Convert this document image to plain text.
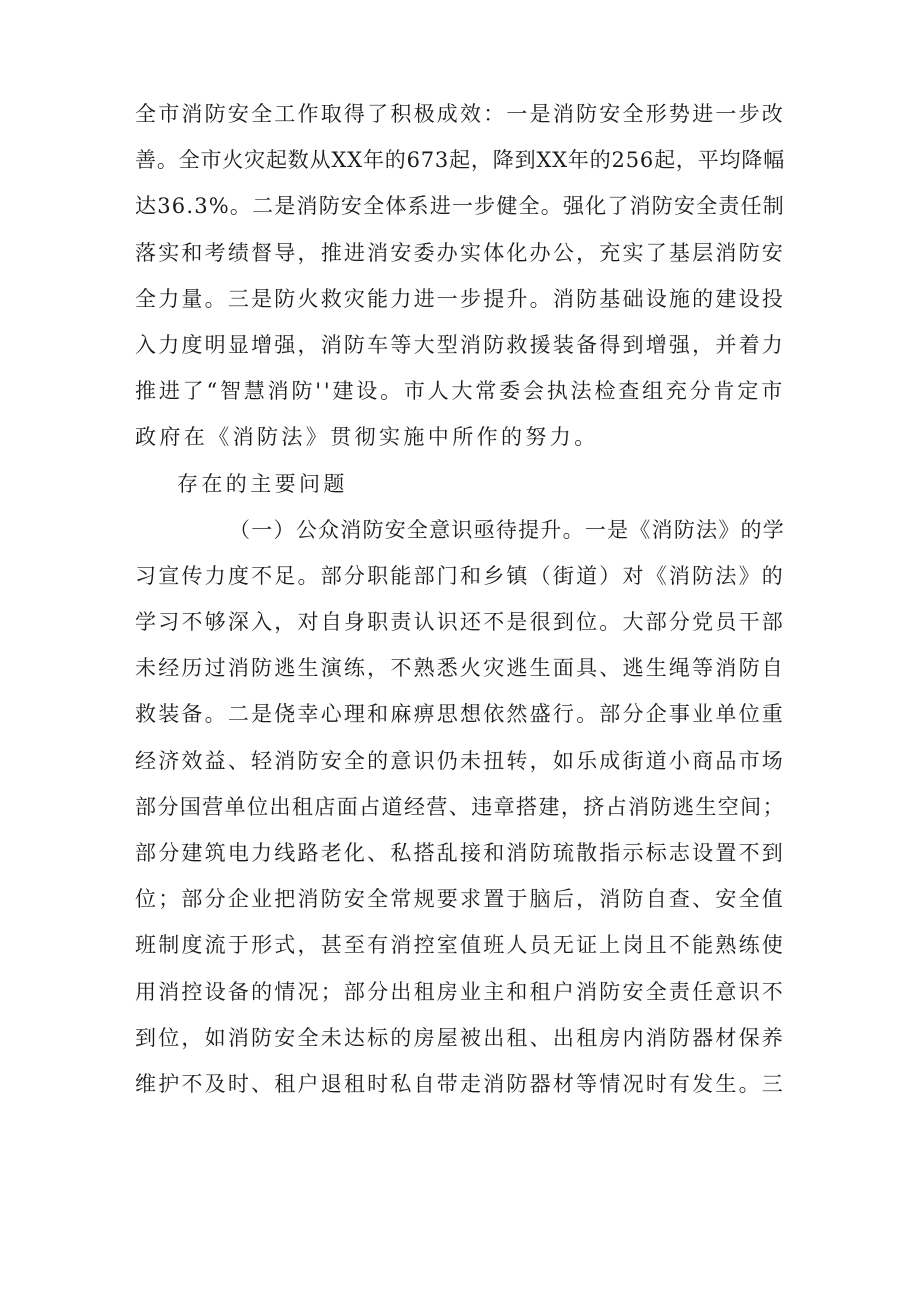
全市消防安全工作取得了积极成效：一是消防安全形势进一步改
善。全市火灾起数从XX年的673起，降到XX年的256起，平均降幅
达36.3%。二是消防安全体系进一步健全。强化了消防安全责任制
落实和考绩督导，推进消安委办实体化办公，充实了基层消防安
全力量。三是防火救灾能力进一步提升。消防基础设施的建设投
入力度明显增强，消防车等大型消防救援装备得到增强，并着力
推进了“智慧消防''建设。市人大常委会执法检查组充分肯定市
政府在《消防法》贯彻实施中所作的努力。
存在的主要问题
（一）公众消防安全意识亟待提升。一是《消防法》的学
习宣传力度不足。部分职能部门和乡镇（街道）对《消防法》的
学习不够深入，对自身职责认识还不是很到位。大部分党员干部
未经历过消防逃生演练，不熟悉火灾逃生面具、逃生绳等消防自
救装备。二是侥幸心理和麻痹思想依然盛行。部分企事业单位重
经济效益、轻消防安全的意识仍未扭转，如乐成街道小商品市场
部分国营单位出租店面占道经营、违章搭建，挤占消防逃生空间；
部分建筑电力线路老化、私搭乱接和消防琉散指示标志设置不到
位；部分企业把消防安全常规要求置于脑后，消防自查、安全值
班制度流于形式，甚至有消控室值班人员无证上岗且不能熟练使
用消控设备的情况；部分出租房业主和租户消防安全责任意识不
到位，如消防安全未达标的房屋被出租、出租房内消防器材保养
维护不及时、租户退租时私自带走消防器材等情况时有发生。三
